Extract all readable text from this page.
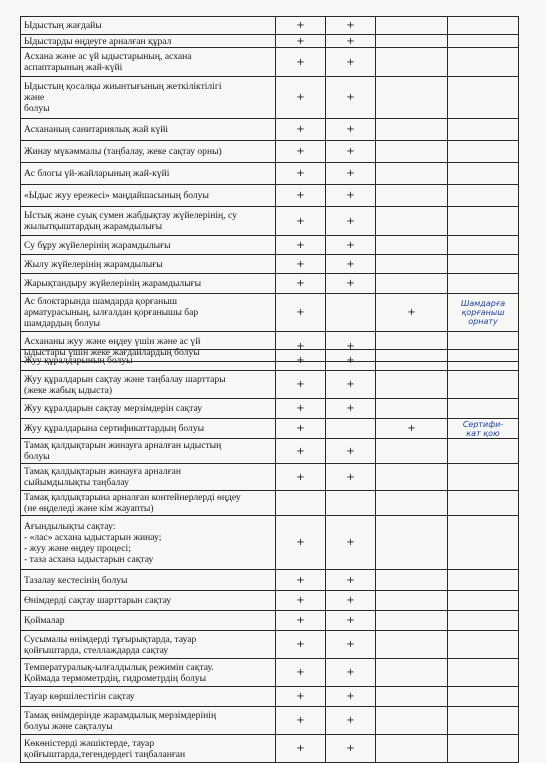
Ыдыстың жағдайы	+	+		
Ыдыстарды өңдеуге арналған құрал	+	+		
Асхана және ас үй ыдыстарының, асхана
аспаптарының жай-күйі	+	+		
Ыдыстың қосалқы жиынтығының жеткіліктілігі
және
болуы	+	+		
Асхананың санитариялық жай күйі	+	+		
Жинау мүкәммалы (таңбалау, жеке сақтау орны)	+	+		
Ас блогы үй-жайларының жай-күйі	+	+		
«Ыдыс жуу ережесі» маңдайшасының болуы	+	+		
Ыстық және суық сумен жабдықтау жүйелерінің, су
жылытқыштардың жарамдылығы	+	+		
Су бұру жүйелерінің жарамдылығы	+	+		
Жылу жүйелерінің жарамдылығы	+	+		
Жарықтандыру жүйелерінің жарамдылығы	+	+		
Ас блоктарында шамдарда қорғаныш
арматурасының, ылғалдан қорғанышы бар
шамдардың болуы	+		+	Шамдарға
қорғаныш
орнату
Асхананы жуу және өңдеу үшін және ас үй
ыдыстары үшін жеке жағдайлардың болуы	+	+		
Жуу құралдарының болуы	+	+		
Жуу құралдарын сақтау және таңбалау шарттары
(жеке жабық ыдыста)	+	+		
Жуу құралдарын сақтау мерзімдерін сақтау	+	+		
Жуу құралдарына сертификаттардың болуы	+		+	Сертифи-
кат қою
Тамақ қалдықтарын жинауға арналған ыдыстың
болуы	+	+		
Тамақ қалдықтарын жинауға арналған
сыйымдылықты таңбалау	+	+		
Тамақ қалдықтарына арналған контейнерлерді өңдеу
(не өңделеді және кім жауапты)				
Ағындылықты сақтау:
- «лас» асхана ыдыстарын жинау;
- жуу және өңдеу процесі;
- таза асхана ыдыстарын сақтау	+	+		
Тазалау кестесінің болуы	+	+		
Өнімдерді сақтау шарттарын сақтау	+	+		
Қоймалар	+	+		
Сусымалы өнімдерді тұғырықтарда, тауар
қойғыштарда, стеллаждарда сақтау	+	+		
Температуралық-ылғалдылық режимін сақтау.
Қоймада термометрдің, гидрометрдің болуы	+	+		
Тауар көршілестігін сақтау	+	+		
Тамақ өнімдерінде жарамдылық мерзімдерінің
болуы және сақталуы	+	+		
Көкөністерді жәшіктерде, тауар
қойғыштарда,тегендердегі таңбаланған	+	+		
